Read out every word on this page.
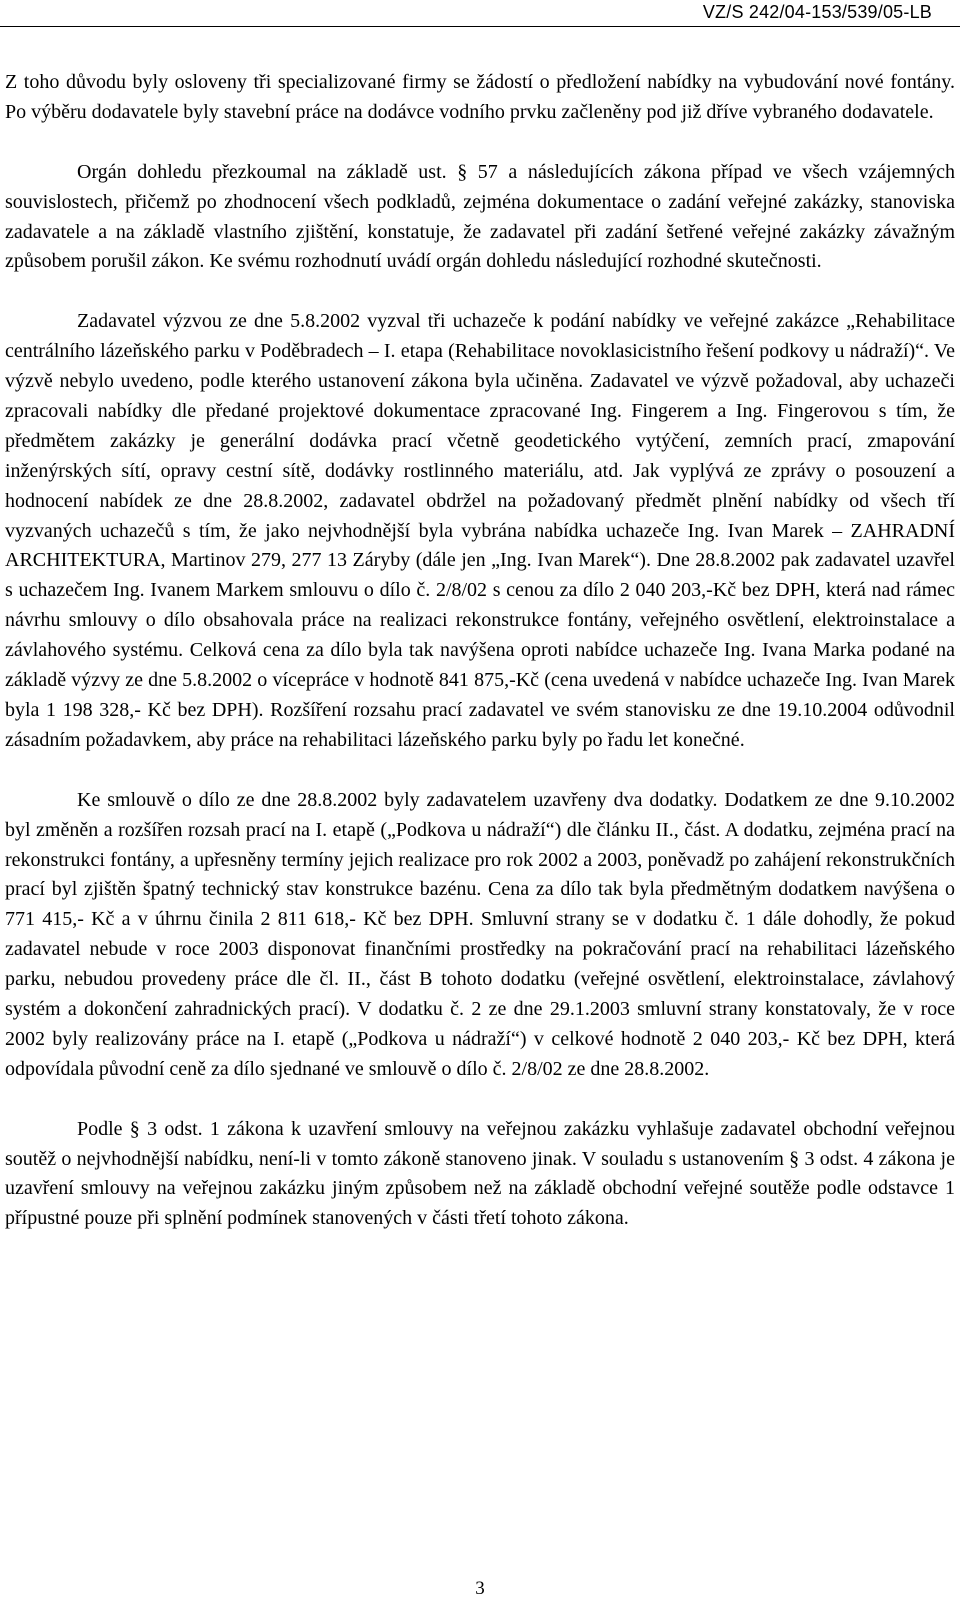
VZ/S 242/04-153/539/05-LB

Z toho důvodu byly osloveny tři specializované firmy se žádostí o předložení nabídky na vybudování nové fontány. Po výběru dodavatele byly stavební práce na dodávce vodního prvku začleněny pod již dříve vybraného dodavatele.

Orgán dohledu přezkoumal na základě ust. § 57 a následujících zákona případ ve všech vzájemných souvislostech, přičemž po zhodnocení všech podkladů, zejména dokumentace o zadání veřejné zakázky, stanoviska zadavatele a na základě vlastního zjištění, konstatuje, že zadavatel při zadání šetřené veřejné zakázky závažným způsobem porušil zákon. Ke svému rozhodnutí uvádí orgán dohledu následující rozhodné skutečnosti.

Zadavatel výzvou ze dne 5.8.2002 vyzval tři uchazeče k podání nabídky ve veřejné zakázce „Rehabilitace centrálního lázeňského parku v Poděbradech – I. etapa (Rehabilitace novoklasicistního řešení podkovy u nádraží)“. Ve výzvě nebylo uvedeno, podle kterého ustanovení zákona byla učiněna. Zadavatel ve výzvě požadoval, aby uchazeči zpracovali nabídky dle předané projektové dokumentace zpracované Ing. Fingerem a Ing. Fingerovou s tím, že předmětem zakázky je generální dodávka prací včetně geodetického vytýčení, zemních prací, zmapování inženýrských sítí, opravy cestní sítě, dodávky rostlinného materiálu, atd. Jak vyplývá ze zprávy o posouzení a hodnocení nabídek ze dne 28.8.2002, zadavatel obdržel na požadovaný předmět plnění nabídky od všech tří vyzvaných uchazečů s tím, že jako nejvhodnější byla vybrána nabídka uchazeče Ing. Ivan Marek – ZAHRADNÍ ARCHITEKTURA, Martinov 279, 277 13 Záryby (dále jen „Ing. Ivan Marek“). Dne 28.8.2002 pak zadavatel uzavřel s uchazečem Ing. Ivanem Markem smlouvu o dílo č. 2/8/02 s cenou za dílo 2 040 203,-Kč bez DPH, která nad rámec návrhu smlouvy o dílo obsahovala práce na realizaci rekonstrukce fontány, veřejného osvětlení, elektroinstalace a závlahového systému. Celková cena za dílo byla tak navýšena oproti nabídce uchazeče Ing. Ivana Marka podané na základě výzvy ze dne 5.8.2002 o vícepráce v hodnotě 841 875,-Kč (cena uvedená v nabídce uchazeče Ing. Ivan Marek byla 1 198 328,- Kč bez DPH). Rozšíření rozsahu prací zadavatel ve svém stanovisku ze dne 19.10.2004 odůvodnil zásadním požadavkem, aby práce na rehabilitaci lázeňského parku byly po řadu let konečné.

Ke smlouvě o dílo ze dne 28.8.2002 byly zadavatelem uzavřeny dva dodatky. Dodatkem ze dne 9.10.2002 byl změněn a rozšířen rozsah prací na I. etapě („Podkova u nádraží“) dle článku II., část. A dodatku, zejména prací na rekonstrukci fontány, a upřesněny termíny jejich realizace pro rok 2002 a 2003, poněvadž po zahájení rekonstrukčních prací byl zjištěn špatný technický stav konstrukce bazénu. Cena za dílo tak byla předmětným dodatkem navýšena o 771 415,- Kč a v úhrnu činila 2 811 618,- Kč bez DPH. Smluvní strany se v dodatku č. 1 dále dohodly, že pokud zadavatel nebude v roce 2003 disponovat finančními prostředky na pokračování prací na rehabilitaci lázeňského parku, nebudou provedeny práce dle čl. II., část B tohoto dodatku (veřejné osvětlení, elektroinstalace, závlahový systém a dokončení zahradnických prací). V dodatku č. 2 ze dne 29.1.2003 smluvní strany konstatovaly, že v roce 2002 byly realizovány práce na I. etapě („Podkova u nádraží“) v celkové hodnotě 2 040 203,- Kč bez DPH, která odpovídala původní ceně za dílo sjednané ve smlouvě o dílo č. 2/8/02 ze dne 28.8.2002.

Podle § 3 odst. 1 zákona k uzavření smlouvy na veřejnou zakázku vyhlašuje zadavatel obchodní veřejnou soutěž o nejvhodnější nabídku, není-li v tomto zákoně stanoveno jinak. V souladu s ustanovením § 3 odst. 4 zákona je uzavření smlouvy na veřejnou zakázku jiným způsobem než na základě obchodní veřejné soutěže podle odstavce 1 přípustné pouze při splnění podmínek stanovených v části třetí tohoto zákona.

3
